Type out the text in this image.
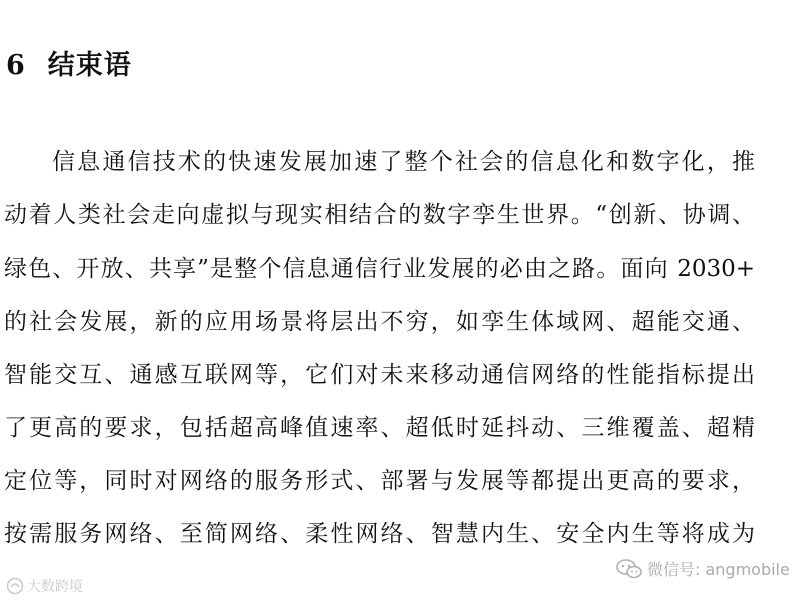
6 结束语
信息通信技术的快速发展加速了整个社会的信息化和数字化，推
动着人类社会走向虚拟与现实相结合的数字孪生世界。“创新、协调、
绿色、开放、共享”是整个信息通信行业发展的必由之路。面向 2030+
的社会发展，新的应用场景将层出不穷，如孪生体域网、超能交通、
智能交互、通感互联网等，它们对未来移动通信网络的性能指标提出
了更高的要求，包括超高峰值速率、超低时延抖动、三维覆盖、超精
定位等，同时对网络的服务形式、部署与发展等都提出更高的要求，
按需服务网络、至简网络、柔性网络、智慧内生、安全内生等将成为
大数跨境
微信号: angmobile
